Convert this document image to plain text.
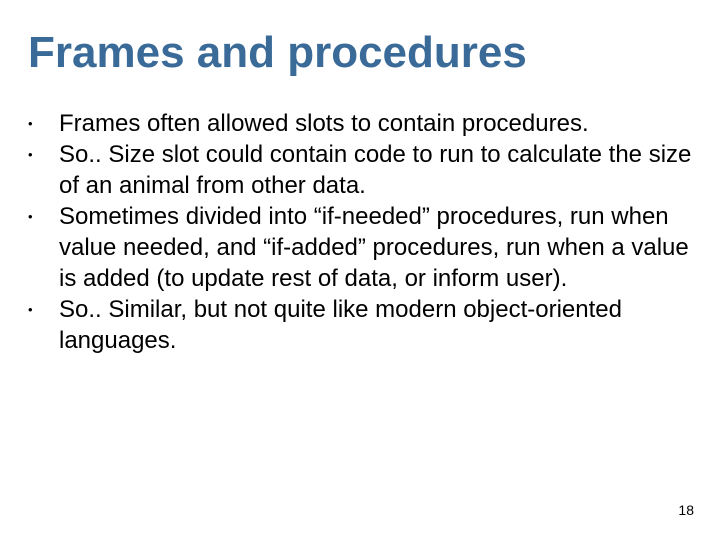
Frames and procedures
• Frames often allowed slots to contain procedures.
• So.. Size slot could contain code to run to calculate the size of an animal from other data.
• Sometimes divided into “if-needed” procedures, run when value needed, and “if-added” procedures, run when a value is added (to update rest of data, or inform user).
• So.. Similar, but not quite like modern object-oriented languages.
18
